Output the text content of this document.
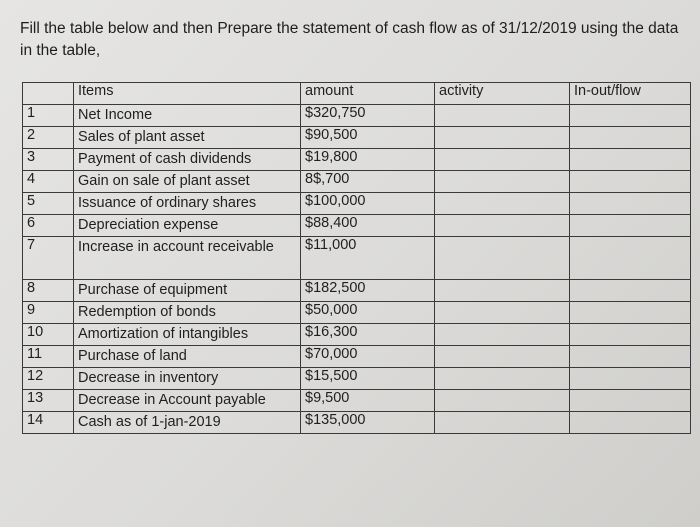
Fill the table below and then Prepare the statement of cash flow as of 31/12/2019 using the data in the table,
	Items	amount	activity	In-out/flow
1	Net Income	$320,750		
2	Sales of plant asset	$90,500		
3	Payment of cash dividends	$19,800		
4	Gain on sale of plant asset	8$,700		
5	Issuance of ordinary shares	$100,000		
6	Depreciation expense	$88,400		
7	Increase in account receivable	$11,000		
8	Purchase of equipment	$182,500		
9	Redemption of bonds	$50,000		
10	Amortization of intangibles	$16,300		
11	Purchase of land	$70,000		
12	Decrease in inventory	$15,500		
13	Decrease in Account payable	$9,500		
14	Cash as of 1-jan-2019	$135,000		
